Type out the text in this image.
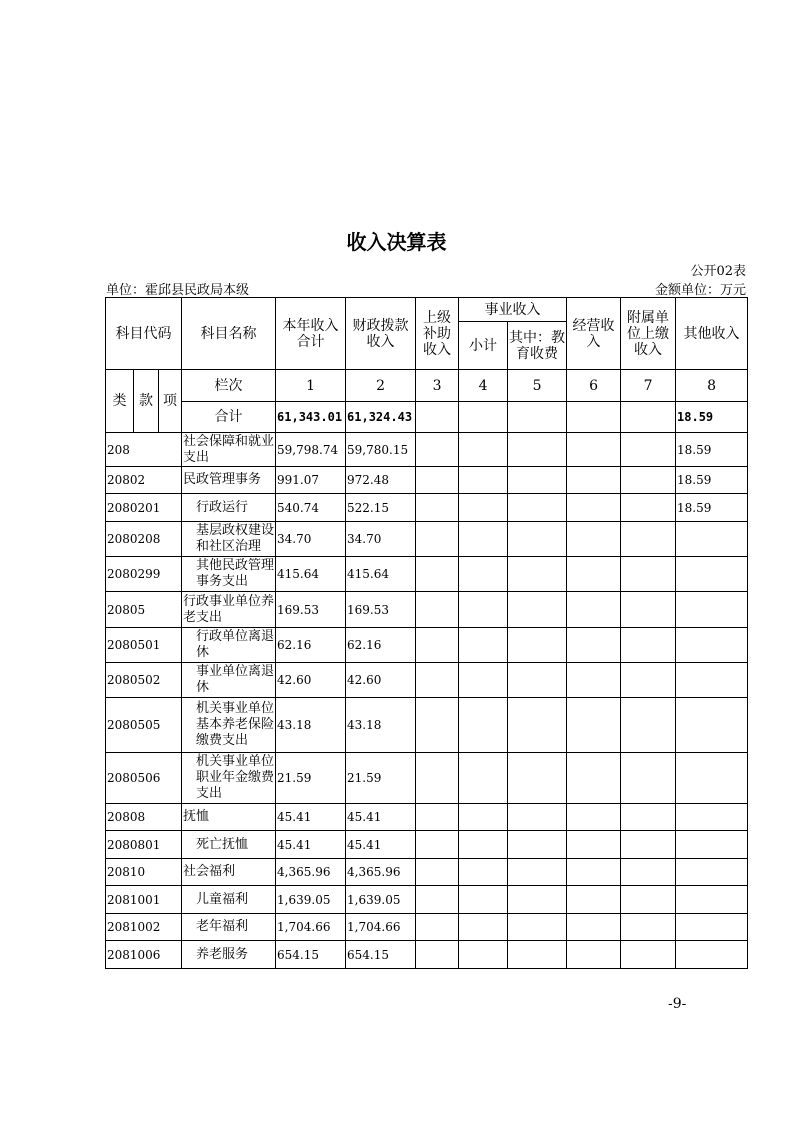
收入决算表
公开02表
单位：霍邱县民政局本级	金额单位：万元
科目代码			科目名称	本年收入合计	财政拨款收入	上级补助收入	事业收入		经营收入	附属单位上缴收入	其他收入
							小计	其中：教育收费			
类	款	项	栏次	1	2	3	4	5	6	7	8
			合计	61,343.01	61,324.43						18.59
208			社会保障和就业支出	59,798.74	59,780.15						18.59
20802			民政管理事务	991.07	972.48						18.59
2080201			行政运行	540.74	522.15						18.59
2080208			基层政权建设和社区治理	34.70	34.70						
2080299			其他民政管理事务支出	415.64	415.64						
20805			行政事业单位养老支出	169.53	169.53						
2080501			行政单位离退休	62.16	62.16						
2080502			事业单位离退休	42.60	42.60						
2080505			机关事业单位基本养老保险缴费支出	43.18	43.18						
2080506			机关事业单位职业年金缴费支出	21.59	21.59						
20808			抚恤	45.41	45.41						
2080801			死亡抚恤	45.41	45.41						
20810			社会福利	4,365.96	4,365.96						
2081001			儿童福利	1,639.05	1,639.05						
2081002			老年福利	1,704.66	1,704.66						
2081006			养老服务	654.15	654.15						
-9-
